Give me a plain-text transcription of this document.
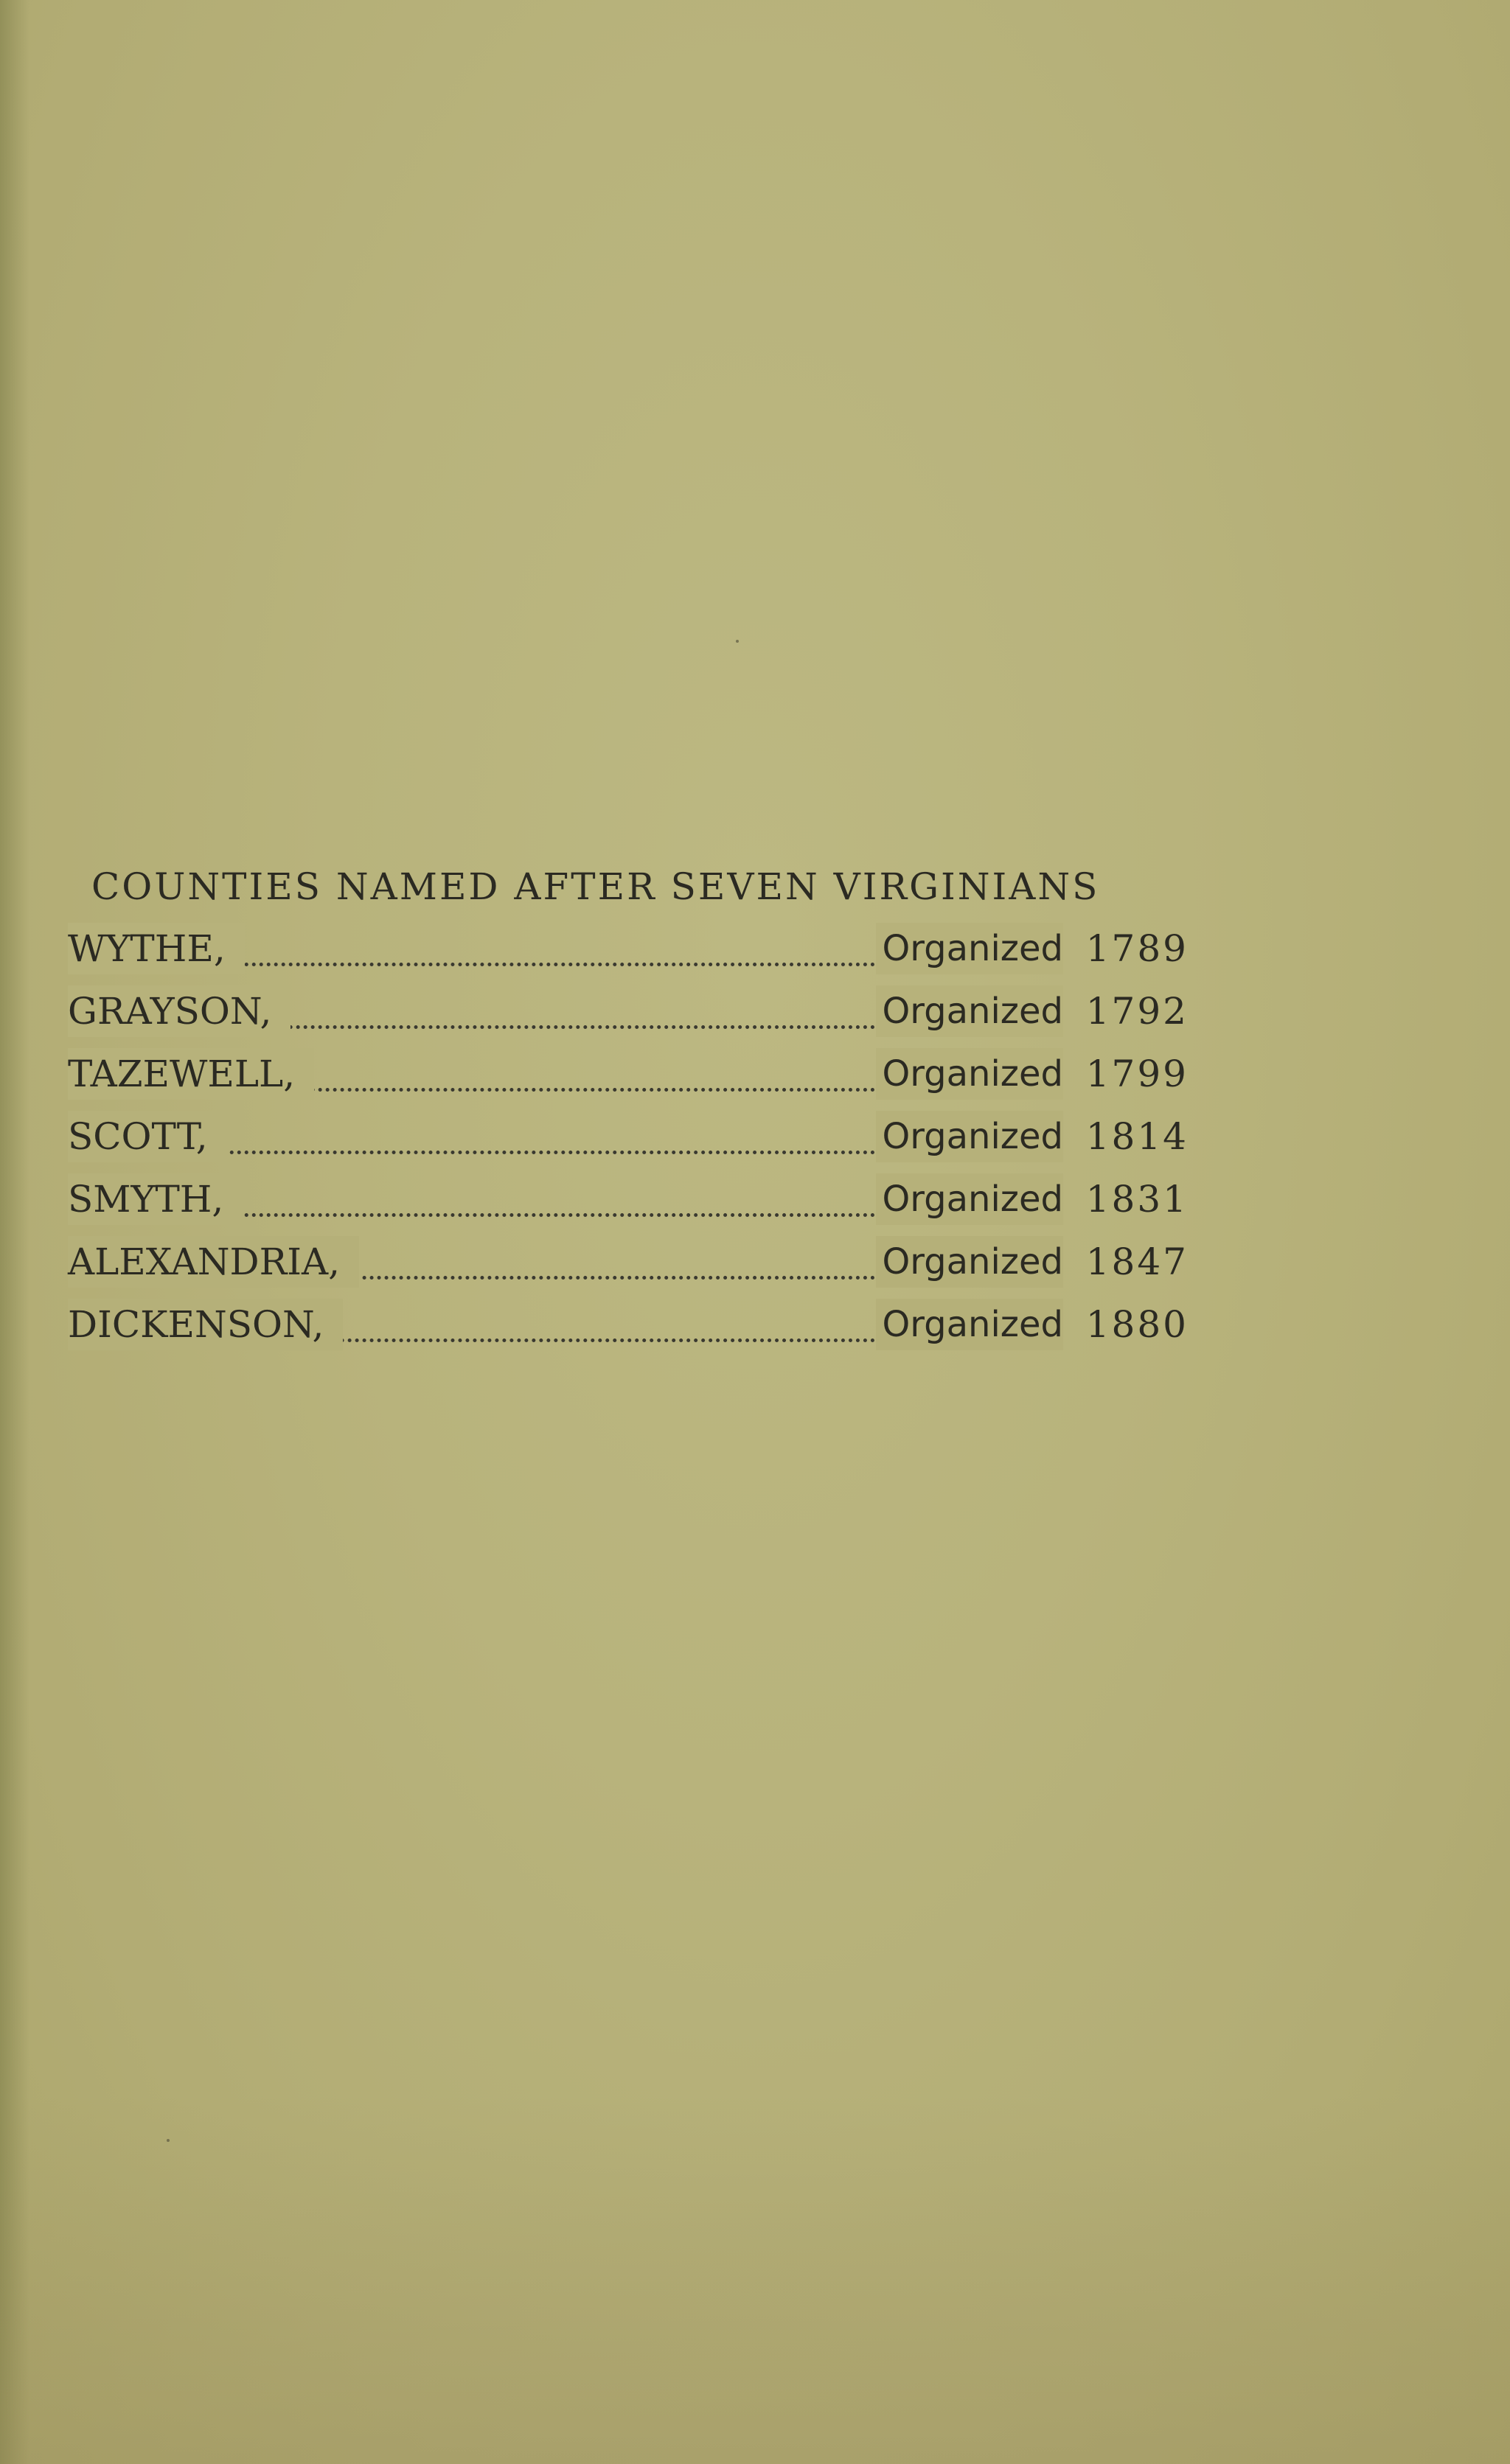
COUNTIES NAMED AFTER SEVEN VIRGINIANS
WYTHE,	Organized 1789
GRAYSON,	Organized 1792
TAZEWELL,	Organized 1799
SCOTT,	Organized 1814
SMYTH,	Organized 1831
ALEXANDRIA,	Organized 1847
DICKENSON,	Organized 1880
